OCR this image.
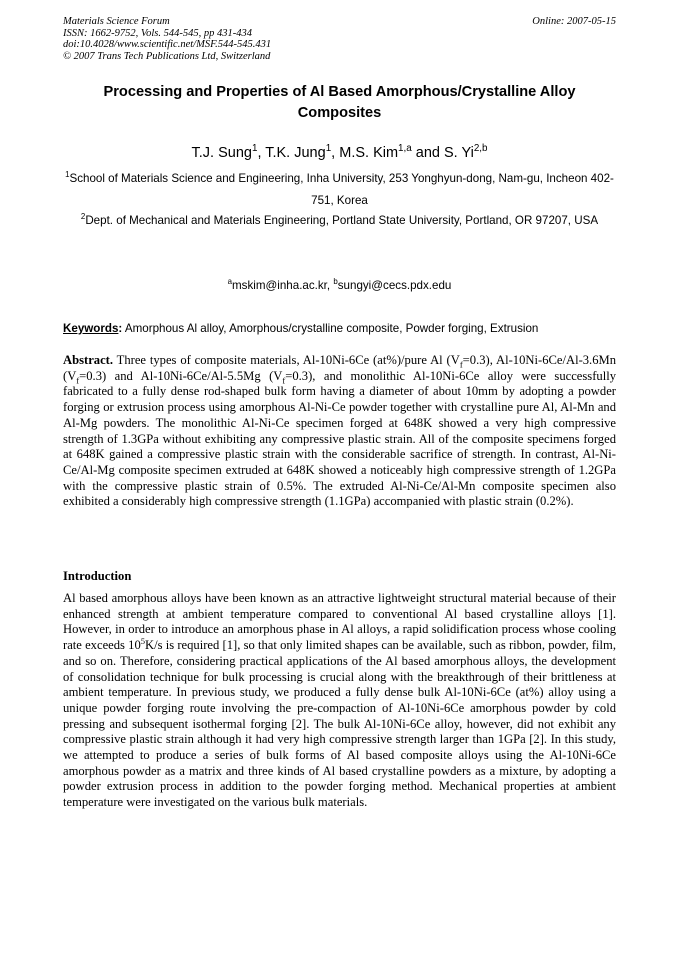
Materials Science Forum
ISSN: 1662-9752, Vols. 544-545, pp 431-434
doi:10.4028/www.scientific.net/MSF.544-545.431
© 2007 Trans Tech Publications Ltd, Switzerland
Online: 2007-05-15
Processing and Properties of Al Based Amorphous/Crystalline Alloy Composites
T.J. Sung$^1$, T.K. Jung$^1$, M.S. Kim$^{1,a}$ and S. Yi$^{2,b}$
$^1$School of Materials Science and Engineering, Inha University, 253 Yonghyun-dong, Nam-gu, Incheon 402-751, Korea
$^2$Dept. of Mechanical and Materials Engineering, Portland State University, Portland, OR 97207, USA
$^a$mskim@inha.ac.kr, $^b$sungyi@cecs.pdx.edu
Keywords: Amorphous Al alloy, Amorphous/crystalline composite, Powder forging, Extrusion
Abstract. Three types of composite materials, Al-10Ni-6Ce (at%)/pure Al $(V_f=0.3)$, Al-10Ni-6Ce/Al-3.6Mn $(V_f=0.3)$ and Al-10Ni-6Ce/Al-5.5Mg $(V_f=0.3)$, and monolithic Al-10Ni-6Ce alloy were successfully fabricated to a fully dense rod-shaped bulk form having a diameter of about 10mm by adopting a powder forging or extrusion process using amorphous Al-Ni-Ce powder together with crystalline pure Al, Al-Mn and Al-Mg powders. The monolithic Al-Ni-Ce specimen forged at 648K showed a very high compressive strength of 1.3GPa without exhibiting any compressive plastic strain. All of the composite specimens forged at 648K gained a compressive plastic strain with the considerable sacrifice of strength. In contrast, Al-Ni-Ce/Al-Mg composite specimen extruded at 648K showed a noticeably high compressive strength of 1.2GPa with the compressive plastic strain of 0.5%. The extruded Al-Ni-Ce/Al-Mn composite specimen also exhibited a considerably high compressive strength (1.1GPa) accompanied with plastic strain (0.2%).
Introduction
Al based amorphous alloys have been known as an attractive lightweight structural material because of their enhanced strength at ambient temperature compared to conventional Al based crystalline alloys [1]. However, in order to introduce an amorphous phase in Al alloys, a rapid solidification process whose cooling rate exceeds $10^5K/s$ is required [1], so that only limited shapes can be available, such as ribbon, powder, film, and so on. Therefore, considering practical applications of the Al based amorphous alloys, the development of consolidation technique for bulk processing is crucial along with the breakthrough of their brittleness at ambient temperature. In previous study, we produced a fully dense bulk Al-10Ni-6Ce (at%) alloy using a unique powder forging route involving the pre-compaction of Al-10Ni-6Ce amorphous powder by cold pressing and subsequent isothermal forging [2]. The bulk Al-10Ni-6Ce alloy, however, did not exhibit any compressive plastic strain although it had very high compressive strength larger than 1GPa [2]. In this study, we attempted to produce a series of bulk forms of Al based composite alloys using the Al-10Ni-6Ce amorphous powder as a matrix and three kinds of Al based crystalline powders as a mixture, by adopting a powder extrusion process in addition to the powder forging method. Mechanical properties at ambient temperature were investigated on the various bulk materials.
